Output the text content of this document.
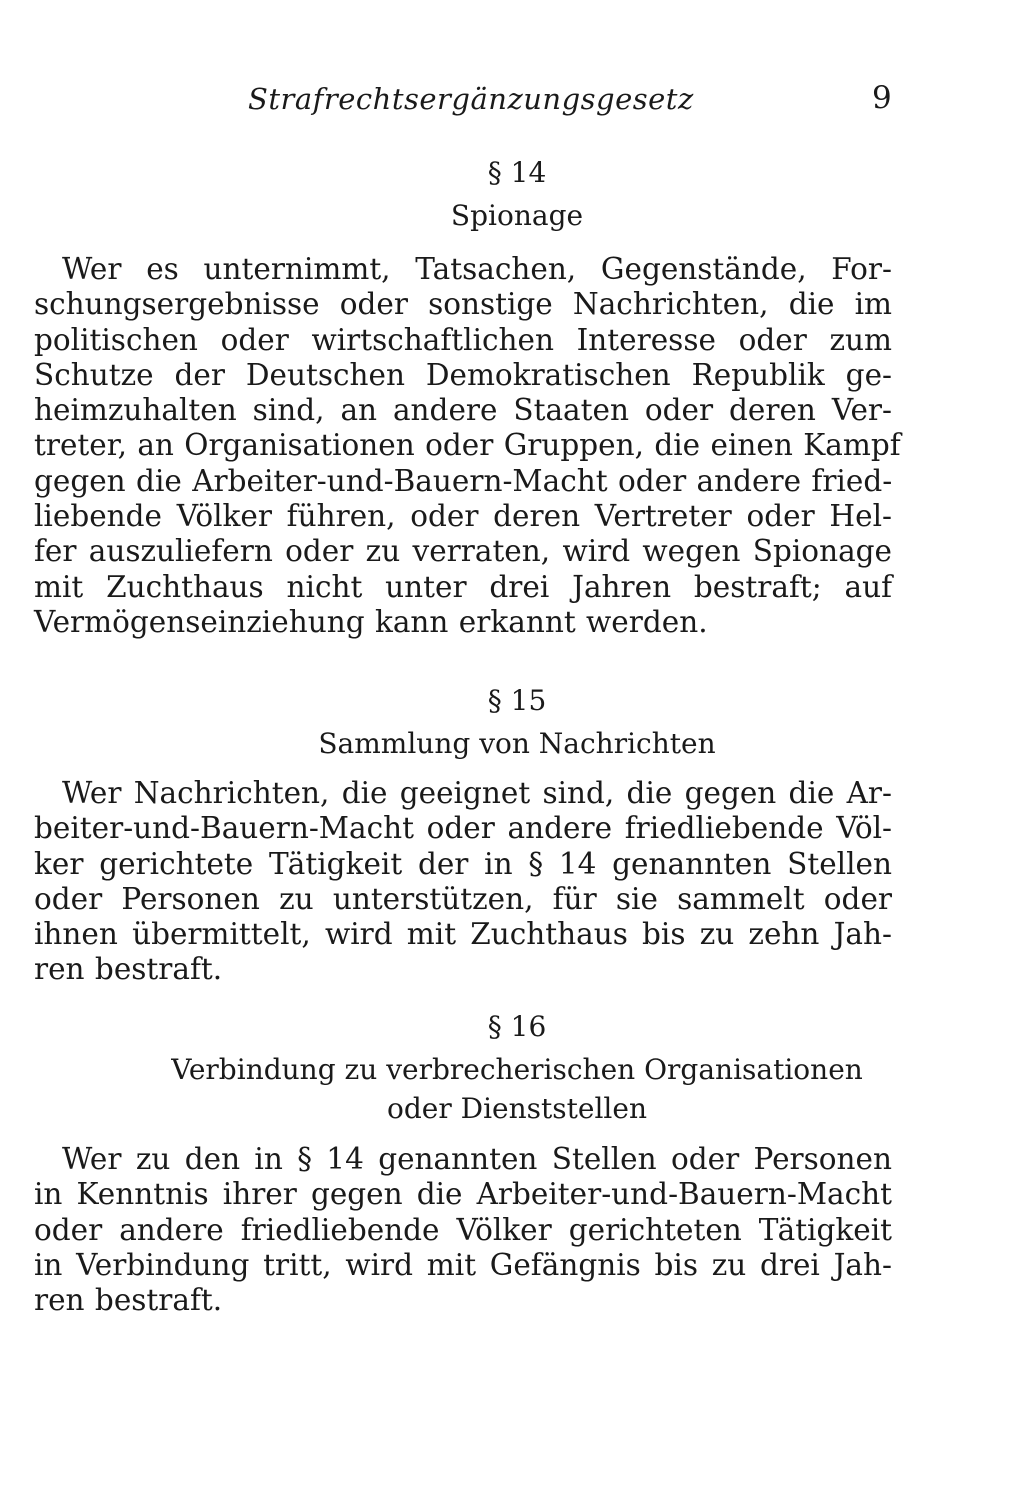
Strafrechtsergänzungsgesetz	9
§ 14
Spionage
Wer es unternimmt, Tatsachen, Gegenstände, For-
schungsergebnisse oder sonstige Nachrichten, die im
politischen oder wirtschaftlichen Interesse oder zum
Schutze der Deutschen Demokratischen Republik ge-
heimzuhalten sind, an andere Staaten oder deren Ver-
treter, an Organisationen oder Gruppen, die einen Kampf
gegen die Arbeiter-und-Bauern-Macht oder andere fried-
liebende Völker führen, oder deren Vertreter oder Hel-
fer auszuliefern oder zu verraten, wird wegen Spionage
mit Zuchthaus nicht unter drei Jahren bestraft; auf
Vermögenseinziehung kann erkannt werden.
§ 15
Sammlung von Nachrichten
Wer Nachrichten, die geeignet sind, die gegen die Ar-
beiter-und-Bauern-Macht oder andere friedliebende Völ-
ker gerichtete Tätigkeit der in § 14 genannten Stellen
oder Personen zu unterstützen, für sie sammelt oder
ihnen übermittelt, wird mit Zuchthaus bis zu zehn Jah-
ren bestraft.
§ 16
Verbindung zu verbrecherischen Organisationen
oder Dienststellen
Wer zu den in § 14 genannten Stellen oder Personen
in Kenntnis ihrer gegen die Arbeiter-und-Bauern-Macht
oder andere friedliebende Völker gerichteten Tätigkeit
in Verbindung tritt, wird mit Gefängnis bis zu drei Jah-
ren bestraft.
